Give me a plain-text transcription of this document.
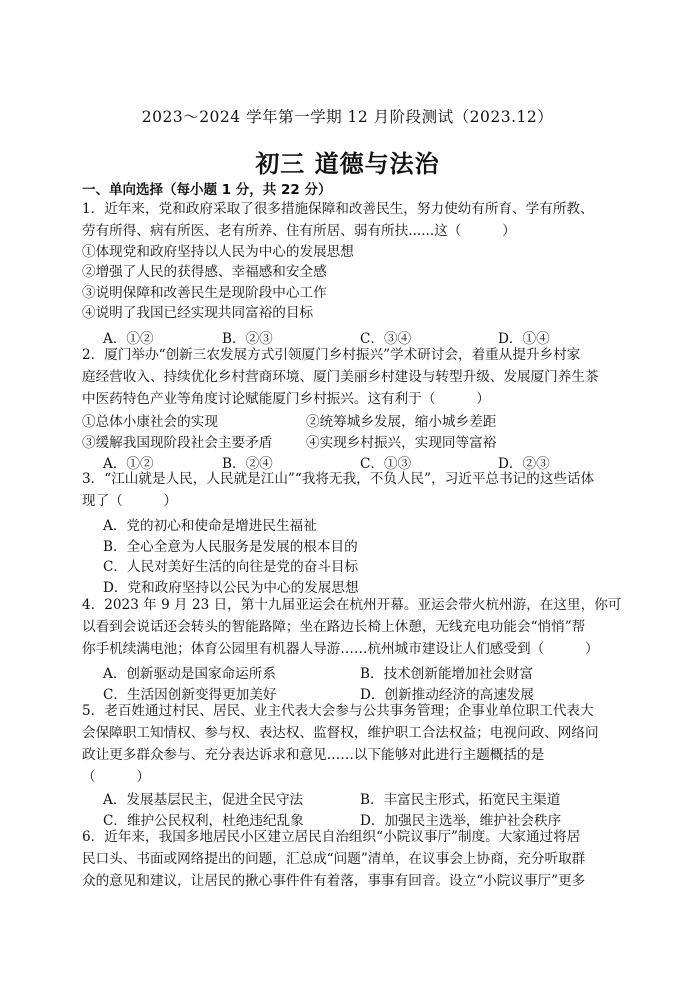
2023～2024 学年第一学期 12 月阶段测试（2023.12）
初三 道德与法治
一、单向选择（每小题 1 分，共 22 分）
1．近年来，党和政府采取了很多措施保障和改善民生，努力使幼有所育、学有所教、
劳有所得、病有所医、老有所养、住有所居、弱有所扶......这（　　　）
①体现党和政府坚持以人民为中心的发展思想
②增强了人民的获得感、幸福感和安全感
③说明保障和改善民生是现阶段中心工作
④说明了我国已经实现共同富裕的目标
A．①②	B．②③	C．③④	D．①④
2．厦门举办“创新三农发展方式引领厦门乡村振兴”学术研讨会，着重从提升乡村家
庭经营收入、持续优化乡村营商环境、厦门美丽乡村建设与转型升级、发展厦门养生茶
中医药特色产业等角度讨论赋能厦门乡村振兴。这有利于（　　　）
①总体小康社会的实现	②统筹城乡发展，缩小城乡差距
③缓解我国现阶段社会主要矛盾 ④实现乡村振兴，实现同等富裕
A．①②	B．②④	C．①③	D．②③
3．“江山就是人民，人民就是江山”“我将无我，不负人民”，习近平总书记的这些话体
现了（　　　）
A．党的初心和使命是增进民生福祉
B．全心全意为人民服务是发展的根本目的
C．人民对美好生活的向往是党的奋斗目标
D．党和政府坚持以公民为中心的发展思想
4．2023 年 9 月 23 日，第十九届亚运会在杭州开幕。亚运会带火杭州游，在这里，你可
以看到会说话还会转头的智能路障；坐在路边长椅上休憩，无线充电功能会“悄悄”帮
你手机续满电池；体育公园里有机器人导游……杭州城市建设让人们感受到（　　　）
A．创新驱动是国家命运所系	B．技术创新能增加社会财富
C．生活因创新变得更加美好	D．创新推动经济的高速发展
5．老百姓通过村民、居民、业主代表大会参与公共事务管理；企事业单位职工代表大
会保障职工知情权、参与权、表达权、监督权，维护职工合法权益；电视问政、网络问
政让更多群众参与、充分表达诉求和意见……以下能够对此进行主题概括的是
（　　　）
A．发展基层民主，促进全民守法	B．丰富民主形式，拓宽民主渠道
C．维护公民权利，杜绝违纪乱象	D．加强民主选举，维护社会秩序
6．近年来，我国多地居民小区建立居民自治组织“小院议事厅”制度。大家通过将居
民口头、书面或网络提出的问题，汇总成“问题”清单，在议事会上协商，充分听取群
众的意见和建议，让居民的揪心事件件有着落，事事有回音。设立“小院议事厅”更多
